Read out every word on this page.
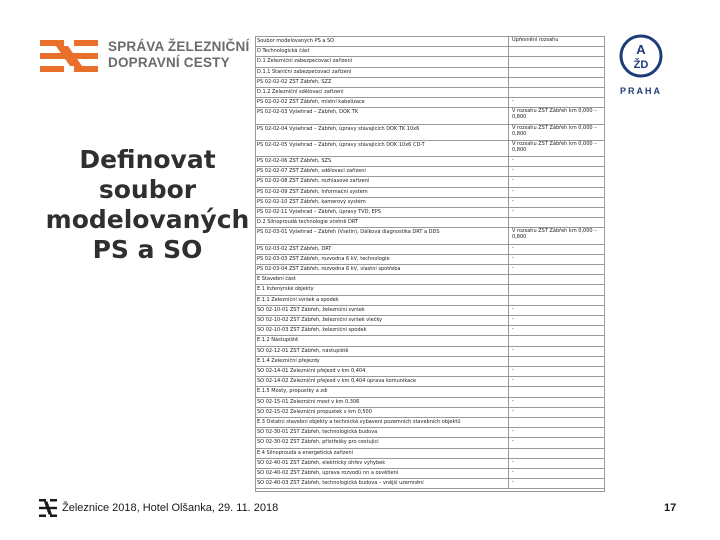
SPRÁVA ŽELEZNIČNÍ
DOPRAVNÍ CESTY
A
ŽD
PRAHA
Definovat soubor modelovaných PS a SO
Soubor modelovaných PS a SO	Upřesnění rozsahu
D Technologická část
D.1 Železniční zabezpečovací zařízení
D.1.1 Staniční zabezpečovací zařízení
PS 02-02-02 ŽST Zábřeh, SZZ
D.1.2 Železniční sdělovací zařízení
PS 02-02-02 ŽST Zábřeh, místní kabelizace	-
PS 02-02-03 Vyšehrad – Zábřeh, DOK TK	V rozsahu ŽST Zábřeh km 0,000 – 0,800
PS 02-02-04 Vyšehrad – Zábřeh, úpravy stávajících DOK TK 10x6	V rozsahu ŽST Zábřeh km 0,000 – 0,800
PS 02-02-05 Vyšehrad – Zábřeh, úpravy stávajících DOK 10x6 ČD-T	V rozsahu ŽST Zábřeh km 0,000 – 0,800
PS 02-02-06 ŽST Zábřeh, SZS	-
PS 02-02-07 ŽST Zábřeh, sdělovací zařízení	-
PS 02-02-08 ŽST Zábřeh, rozhlasové zařízení	-
PS 02-02-09 ŽST Zábřeh, Informační systém	-
PS 02-02-10 ŽST Zábřeh, kamerový systém	-
PS 02-02-11 Vyšehrad – Zábřeh, úpravy TVD, EPS	-
D.2 Silnoproudá technologie včetně DŘT
PS 02-03-01 Vyšehrad – Zábřeh (Vsetín), Dálková diagnostika DŘT a DDS	V rozsahu ŽST Zábřeh km 0,000 – 0,800
PS 02-03-02 ŽST Zábřeh, DŘT	-
PS 02-03-03 ŽST Zábřeh, rozvodna 6 kV, technologie	-
PS 02-03-04 ŽST Zábřeh, rozvodna 6 kV, vlastní spotřeba	-
E Stavební část
E.1 Inženýrské objekty
E.1.1 Železniční svršek a spodek
SO 02-10-01 ŽST Zábřeh, železniční svršek	-
SO 02-10-02 ŽST Zábřeh, železniční svršek vlečky	-
SO 02-10-03 ŽST Zábřeh, železniční spodek	-
E.1.2 Nástupiště
SO 02-12-01 ŽST Zábřeh, nástupiště	-
E.1.4 Železniční přejezdy
SO 02-14-01 Železniční přejezd v km 0,404	-
SO 02-14-02 Železniční přejezd v km 0,404 úprava komunikace	-
E.1.5 Mosty, propustky a zdi
SO 02-15-01 Železniční most v km 0,306	-
SO 02-15-02 Železniční propustek v km 0,500	-
E.3 Ostatní stavební objekty a technická vybavení pozemních stavebních objektů
SO 02-30-01 ŽST Zábřeh, technologická budova	-
SO 02-30-02 ŽST Zábřeh, přístřešky pro cestující	-
E.4 Silnoproudá a energetická zařízení
SO 02-40-01 ŽST Zábřeh, elektrický ohřev výhybek	-
SO 02-40-02 ŽST Zábřeh, úprava rozvodů nn a osvětlení	-
SO 02-40-03 ŽST Zábřeh, technologická budova – vnější uzemnění	-
Železnice 2018, Hotel Olšanka, 29. 11. 2018	17
